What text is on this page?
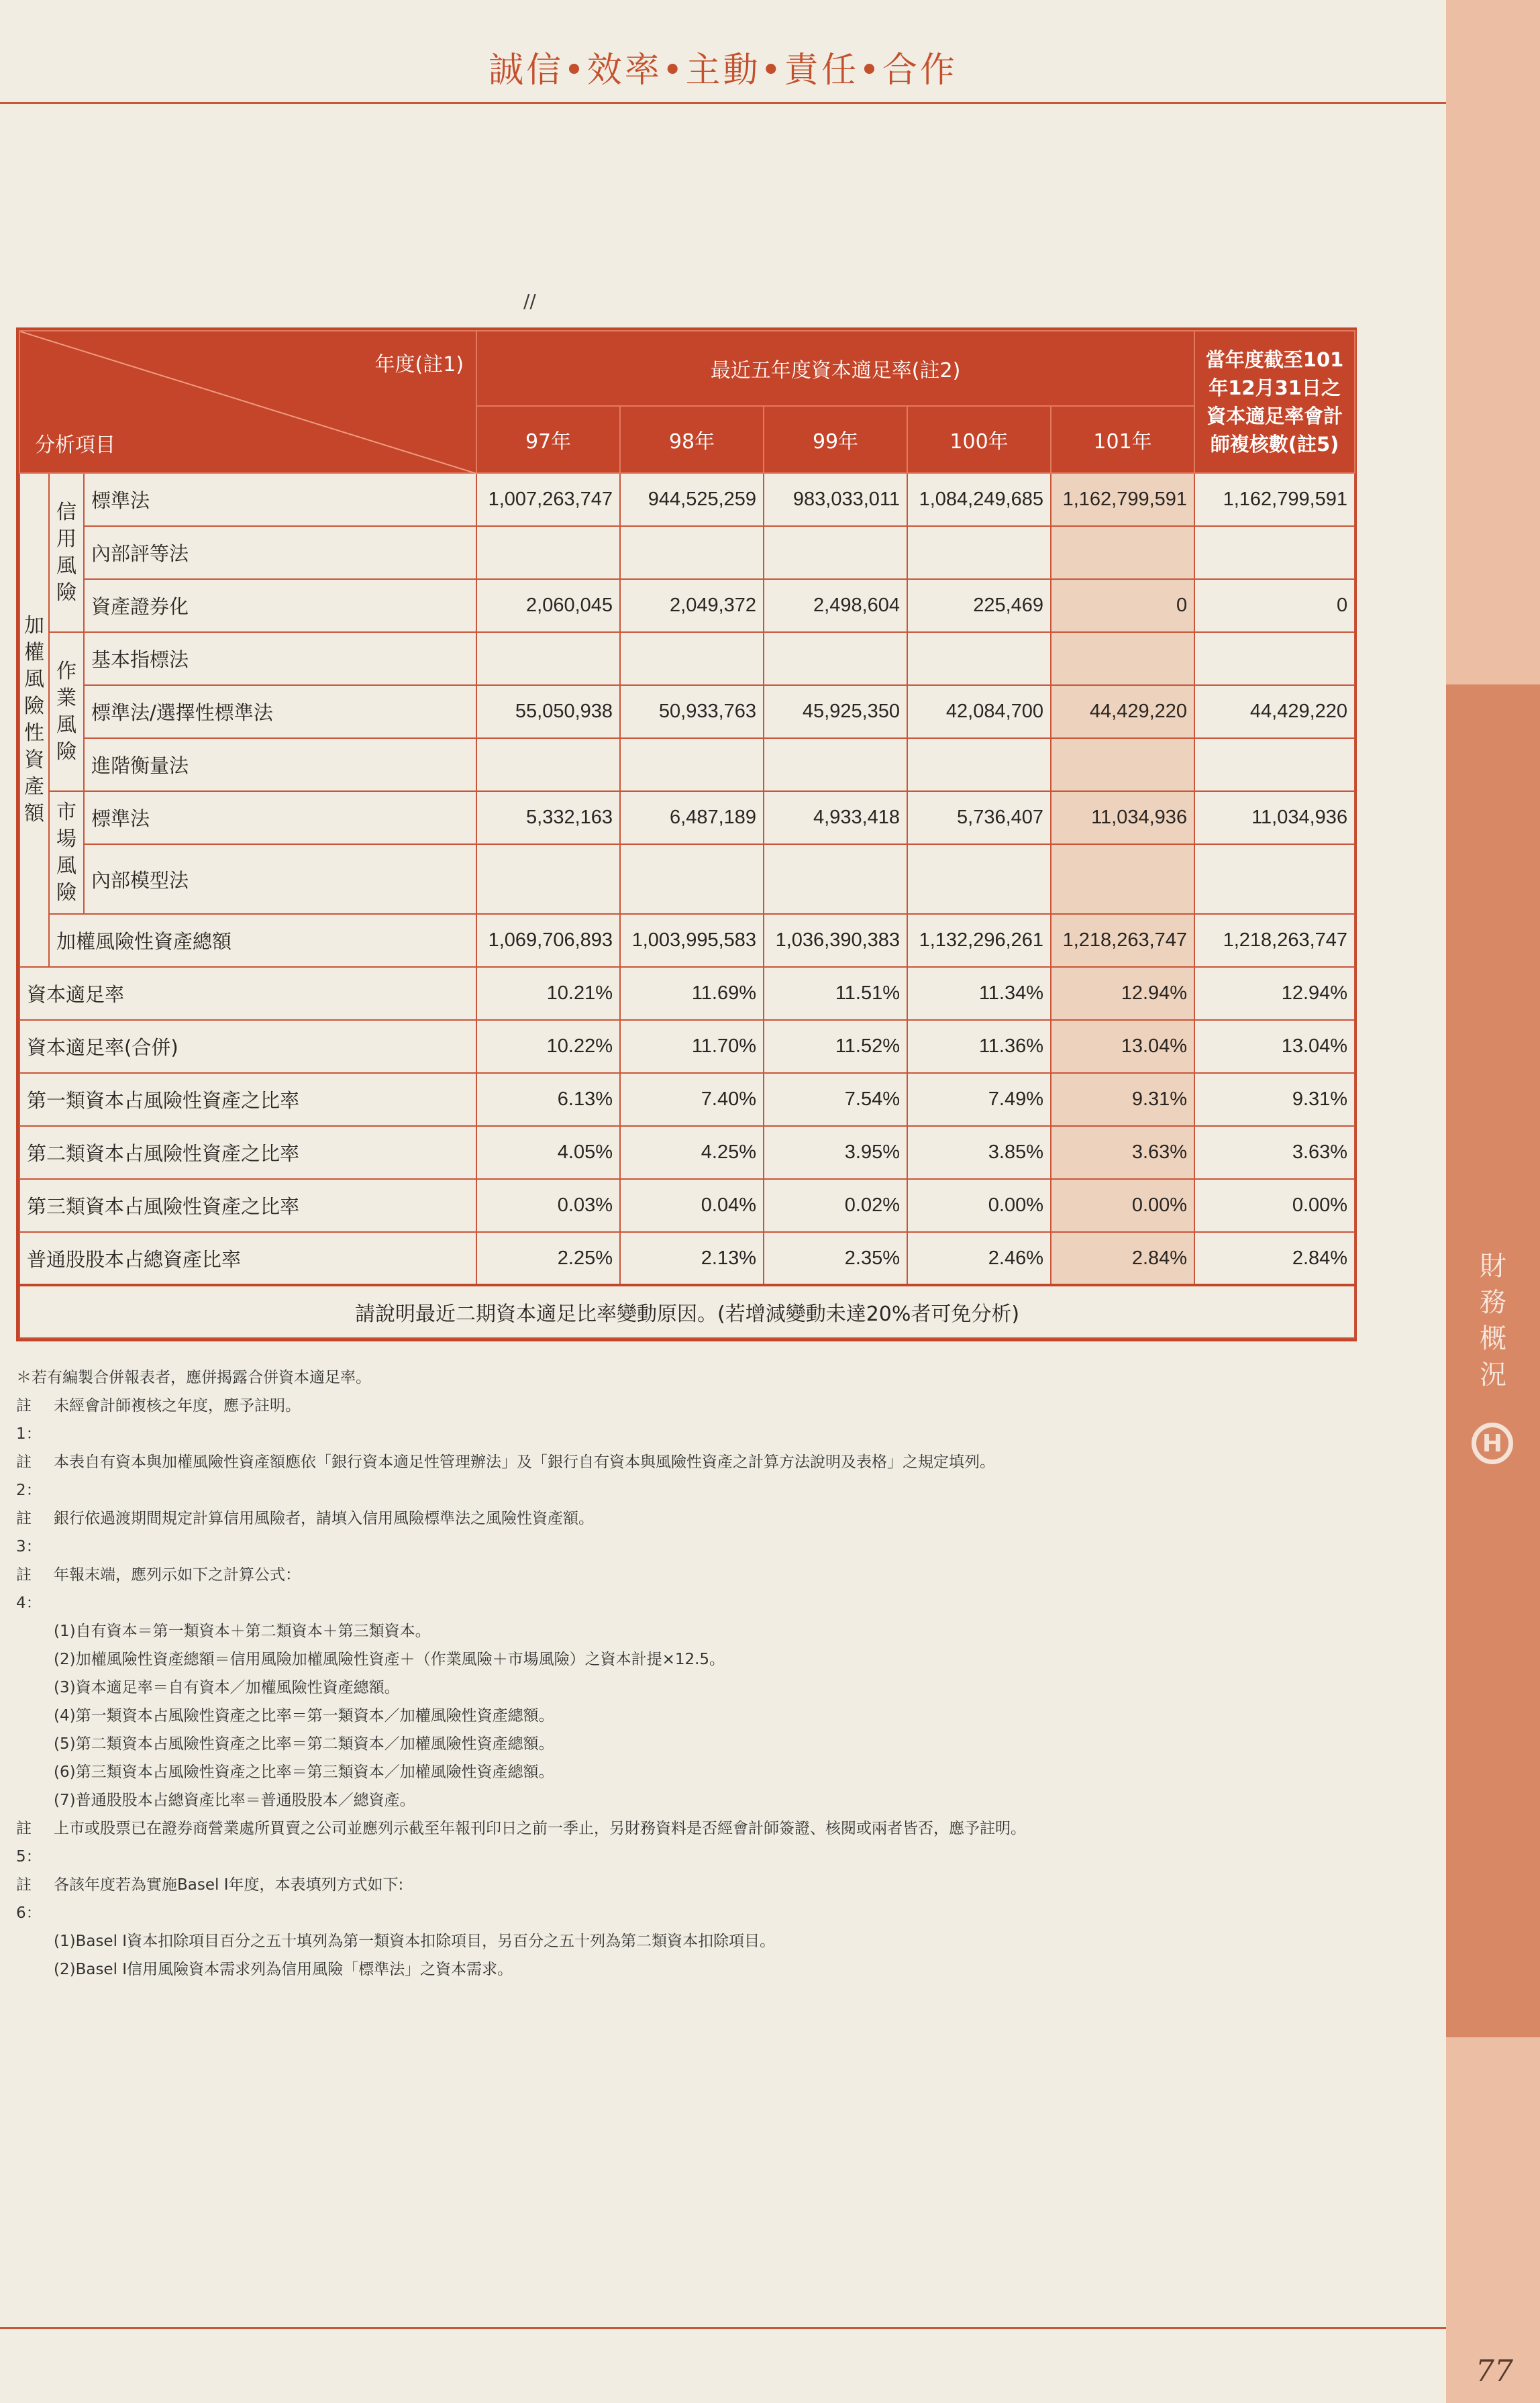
誠信•效率•主動•責任•合作
//
財務概況
H
年度(註1)
分析項目			最近五年度資本適足率(註2)					當年度截至101年12月31日之資本適足率會計師複核數(註5)
			97年	98年	99年	100年	101年	

加權風險性資產額	信用風險	標準法	1,007,263,747	944,525,259	983,033,011	1,084,249,685	1,162,799,591	1,162,799,591
		內部評等法						
		資產證券化	2,060,045	2,049,372	2,498,604	225,469	0	0

	作業風險	基本指標法						
		標準法/選擇性標準法	55,050,938	50,933,763	45,925,350	42,084,700	44,429,220	44,429,220
		進階衡量法						

	市場風險	標準法	5,332,163	6,487,189	4,933,418	5,736,407	11,034,936	11,034,936
		內部模型法						
	加權風險性資產總額		1,069,706,893	1,003,995,583	1,036,390,383	1,132,296,261	1,218,263,747	1,218,263,747
資本適足率			10.21%	11.69%	11.51%	11.34%	12.94%	12.94%
資本適足率(合併)			10.22%	11.70%	11.52%	11.36%	13.04%	13.04%
第一類資本占風險性資產之比率			6.13%	7.40%	7.54%	7.49%	9.31%	9.31%
第二類資本占風險性資產之比率			4.05%	4.25%	3.95%	3.85%	3.63%	3.63%
第三類資本占風險性資產之比率			0.03%	0.04%	0.02%	0.00%	0.00%	0.00%
普通股股本占總資產比率			2.25%	2.13%	2.35%	2.46%	2.84%	2.84%
請說明最近二期資本適足比率變動原因。(若增減變動未達20%者可免分析)								
＊若有編製合併報表者，應併揭露合併資本適足率。
註1：
未經會計師複核之年度，應予註明。
註2：
本表自有資本與加權風險性資產額應依「銀行資本適足性管理辦法」及「銀行自有資本與風險性資產之計算方法說明及表格」之規定填列。
註3：
銀行依過渡期間規定計算信用風險者，請填入信用風險標準法之風險性資產額。
註4：
年報末端，應列示如下之計算公式：
(1)自有資本＝第一類資本＋第二類資本＋第三類資本。
(2)加權風險性資產總額＝信用風險加權風險性資產＋（作業風險＋市場風險）之資本計提×12.5。
(3)資本適足率＝自有資本／加權風險性資產總額。
(4)第一類資本占風險性資產之比率＝第一類資本／加權風險性資產總額。
(5)第二類資本占風險性資產之比率＝第二類資本／加權風險性資產總額。
(6)第三類資本占風險性資產之比率＝第三類資本／加權風險性資產總額。
(7)普通股股本占總資產比率＝普通股股本／總資產。
註5：
上市或股票已在證券商營業處所買賣之公司並應列示截至年報刊印日之前一季止，另財務資料是否經會計師簽證、核閱或兩者皆否，應予註明。
註6：
各該年度若為實施Basel I年度，本表填列方式如下:
(1)Basel I資本扣除項目百分之五十填列為第一類資本扣除項目，另百分之五十列為第二類資本扣除項目。
(2)Basel I信用風險資本需求列為信用風險「標準法」之資本需求。
77
